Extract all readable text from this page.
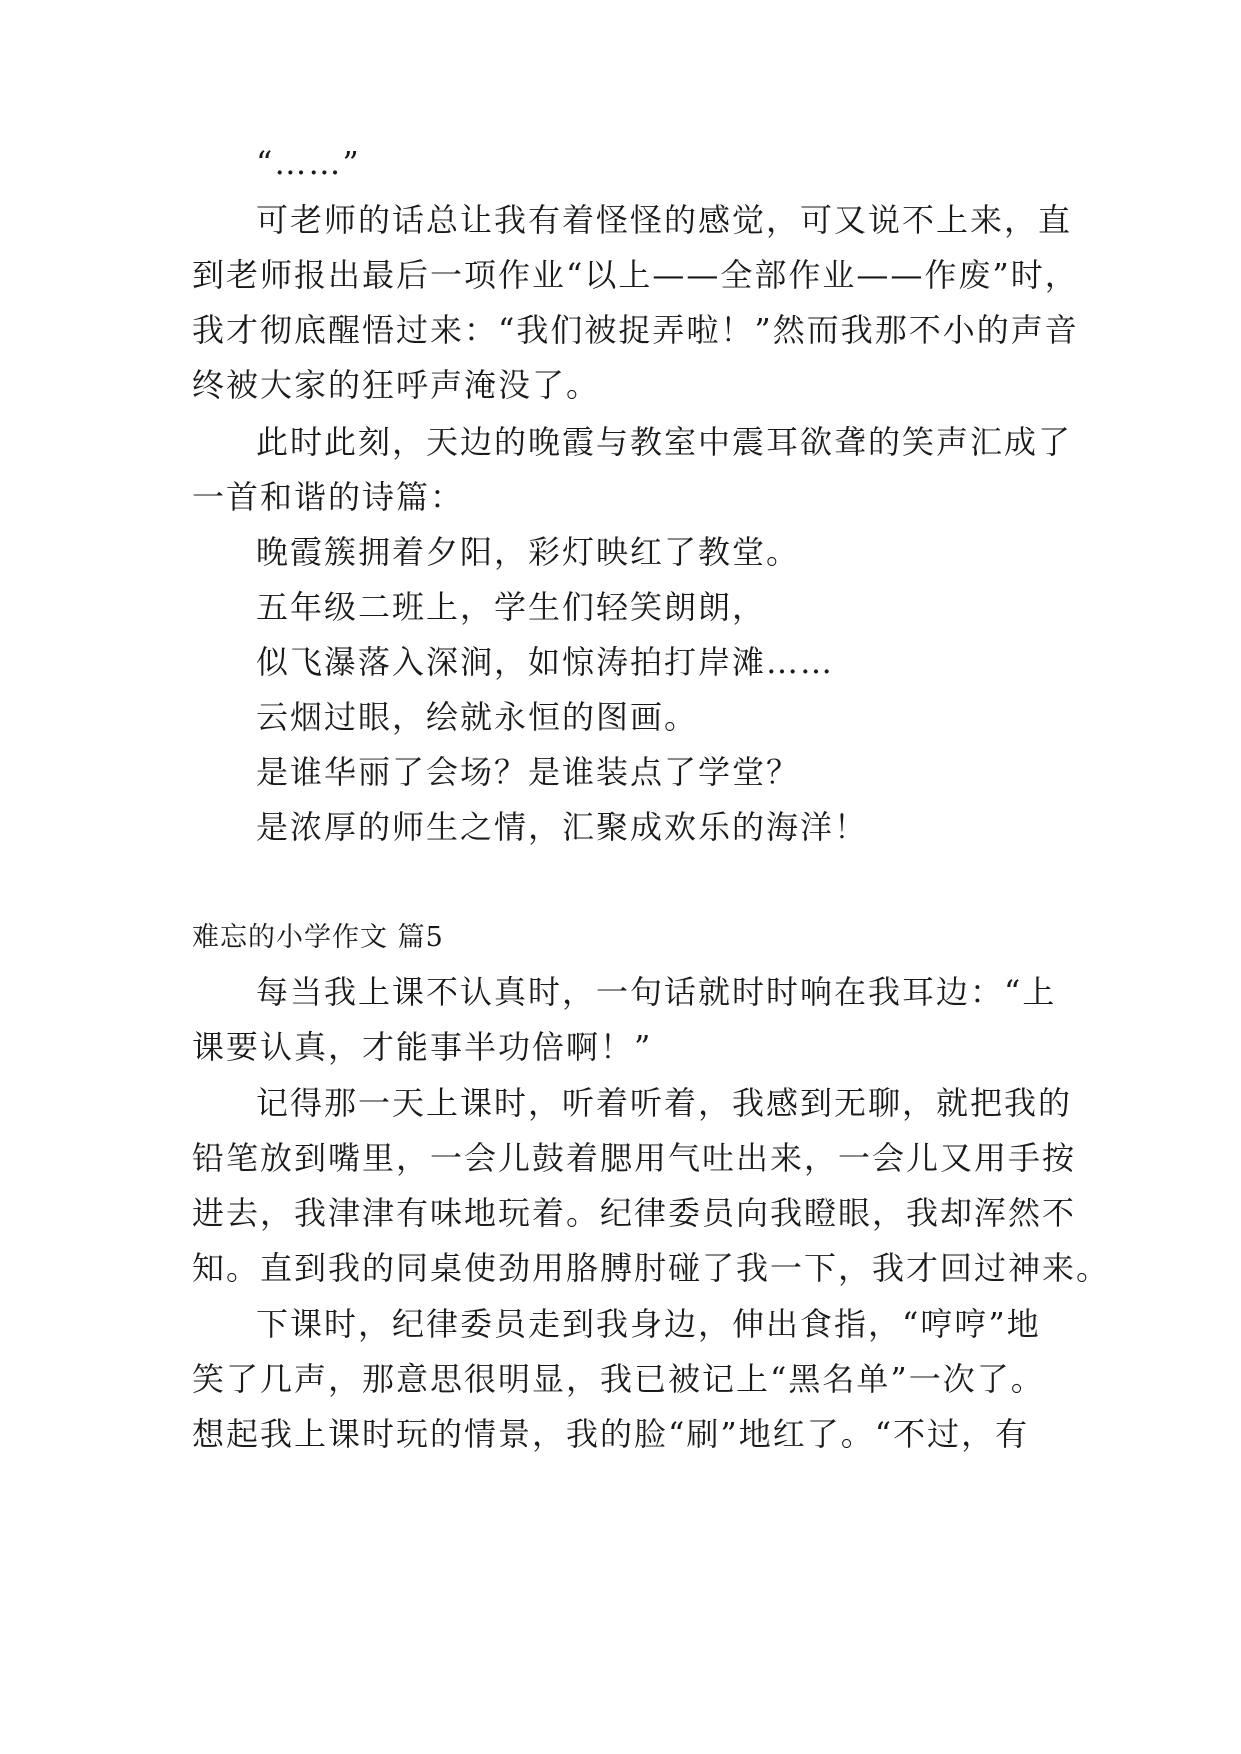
“……”
可老师的话总让我有着怪怪的感觉，可又说不上来，直
到老师报出最后一项作业“以上——全部作业——作废”时，
我才彻底醒悟过来：“我们被捉弄啦！”然而我那不小的声音
终被大家的狂呼声淹没了。
此时此刻，天边的晚霞与教室中震耳欲聋的笑声汇成了
一首和谐的诗篇：
晚霞簇拥着夕阳，彩灯映红了教堂。
五年级二班上，学生们轻笑朗朗，
似飞瀑落入深涧，如惊涛拍打岸滩……
云烟过眼，绘就永恒的图画。
是谁华丽了会场？是谁装点了学堂？
是浓厚的师生之情，汇聚成欢乐的海洋！
难忘的小学作文 篇5
每当我上课不认真时，一句话就时时响在我耳边：“上
课要认真，才能事半功倍啊！”
记得那一天上课时，听着听着，我感到无聊，就把我的
铅笔放到嘴里，一会儿鼓着腮用气吐出来，一会儿又用手按
进去，我津津有味地玩着。纪律委员向我瞪眼，我却浑然不
知。直到我的同桌使劲用胳膊肘碰了我一下，我才回过神来。
下课时，纪律委员走到我身边，伸出食指，“哼哼”地
笑了几声，那意思很明显，我已被记上“黑名单”一次了。
想起我上课时玩的情景，我的脸“刷”地红了。“不过，有
